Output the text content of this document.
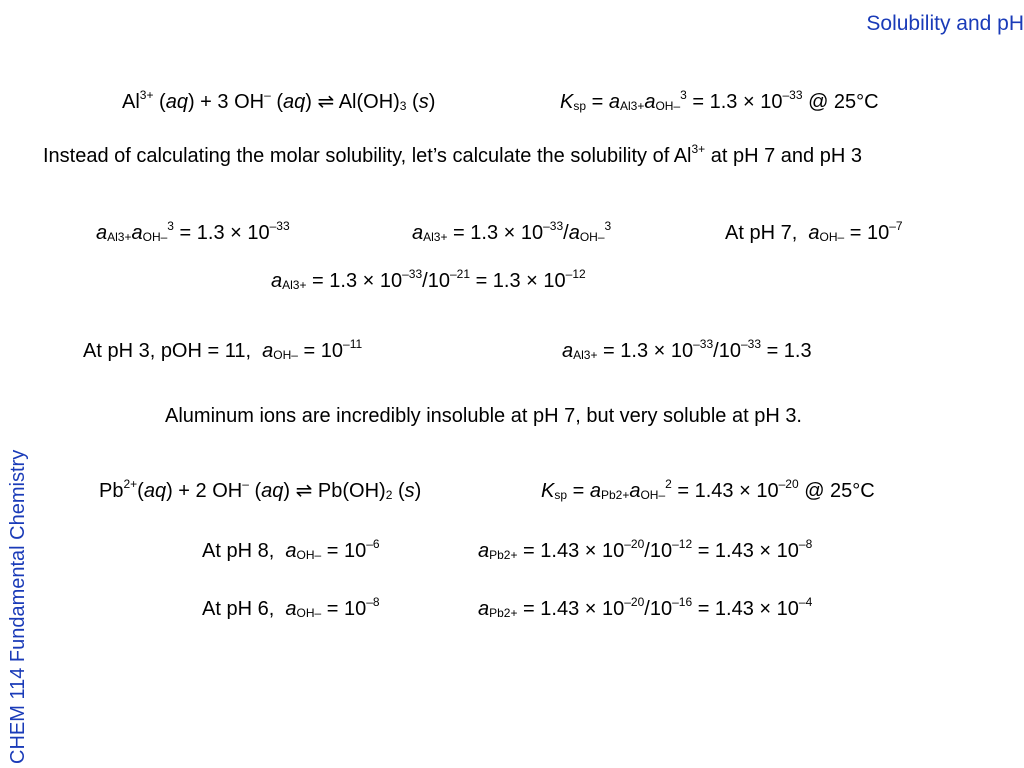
Solubility and pH
CHEM 114 Fundamental Chemistry
$Al^{3+}$ (aq) + 3 OH– (aq) ⇌ $Al(OH)_3$ (s)	$K_{sp} = a_{Al3+}a_{OH-}^3 = 1.3 \times 10^{-33}$ @ 25°C
Instead of calculating the molar solubility, let’s calculate the solubility of $Al^{3+}$ at pH 7 and pH 3
$a_{Al3+}a_{OH-}^3 = 1.3 \times 10^{-33}$	$a_{Al3+} = 1.3 \times 10^{-33}/a_{OH-}^3$	At pH 7, $a_{OH-} = 10^{-7}$
$a_{Al3+} = 1.3 \times 10^{-33}/10^{-21} = 1.3 \times 10^{-12}$
At pH 3, pOH = 11, $a_{OH-} = 10^{-11}$	$a_{Al3+} = 1.3 \times 10^{-33}/10^{-33} = 1.3$
Aluminum ions are incredibly insoluble at pH 7, but very soluble at pH 3.
$Pb^{2+}(aq) + 2$ OH– (aq) ⇌ $Pb(OH)_2$ (s)	$K_{sp} = a_{Pb2+}a_{OH-}^2 = 1.43 \times 10^{-20}$ @ 25°C
At pH 8, $a_{OH-} = 10^{-6}$	$a_{Pb2+} = 1.43 \times 10^{-20}/10^{-12} = 1.43 \times 10^{-8}$
At pH 6, $a_{OH-} = 10^{-8}$	$a_{Pb2+} = 1.43 \times 10^{-20}/10^{-16} = 1.43 \times 10^{-4}$
